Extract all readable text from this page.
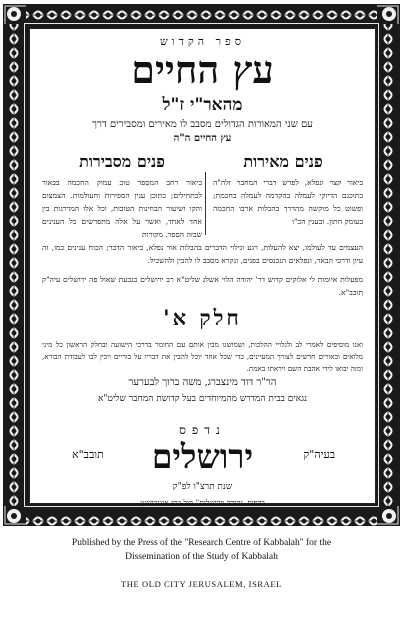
ספר הקדוש
עץ החיים
מהאר"י ז"ל
עם שני המאורות הגדולים מסבב לו מאירים ומסבירים דרך
עץ החיים ה"ה
פנים מאירות
פנים מסבירות
ביאור קצר ונפלא, לפרש דברי המחבר זלה"ה בתוכנם הדיוקי לעמלה בהקדמה לעמלה בחכמת; ופשוט כל מוקשה מהדרך בהבלות ארבו החכמה בעומק חתון. ובענין הכ"ו
ביאור רחב המספר טוב עמוק החכמה בבאור לכתחילים; כתוכן ענין הספירות והעולמות. הצמצום והקו ושיעור הבחינות הטובות, וכל אלו המדרגות בין אחד לאחד, ואשר על אלה מתפרשים כל הענינים שבזה הספר. מקורות
העצמים עד לעולמו, יצא להעלות, רגע וגילוי הדברים בהבלות אור נפלא, ביאור הדבר; הכוח ענינים כמו, זה עיון ודרכי הבאר, ונפלאים הנכנסים בפנים, ונקרא מסבב לו להבין ולהשכיל.
מפעלות איומות לי אלוקים קדוש דר' יהודה הלוי אשלג שליט"א רב ירושלים בגבעת שאול פה ירושלים עיה"ק תובב"א.
חלק א'
ואנו מוסיפים לאמרי לב ולגלויי ההלכות, ושמושנו מבין אותם עם החומר בדרכי הישועה ובחלק הראשון כל מיני מלואים ובאורים חדשים לצורך המעיינים, כדי שכל אחד יוכל להבין את דבריו על בוריים ויכין לבו לעבודת הבורא, ומזה יבואו לידי אהבת השם ויראתו באמת.
הר"ר דוד מינצברג, משה ברוך לבערער
נגאים בבית המדרש מהמיוחדים בעל קדושת המחבר שליט"א
נדפס
ירושלים	בעיה"ק
תובב"א
שנת תרצ"ו לפ"ק
בדפוס ,יהודה וירושלים" מול בתי אונגרישען
Published by the Press of the "Research Centre of Kabbalah" for the
Dissemination of the Study of Kabbalah
THE OLD CITY JERUSALEM, ISRAEL
